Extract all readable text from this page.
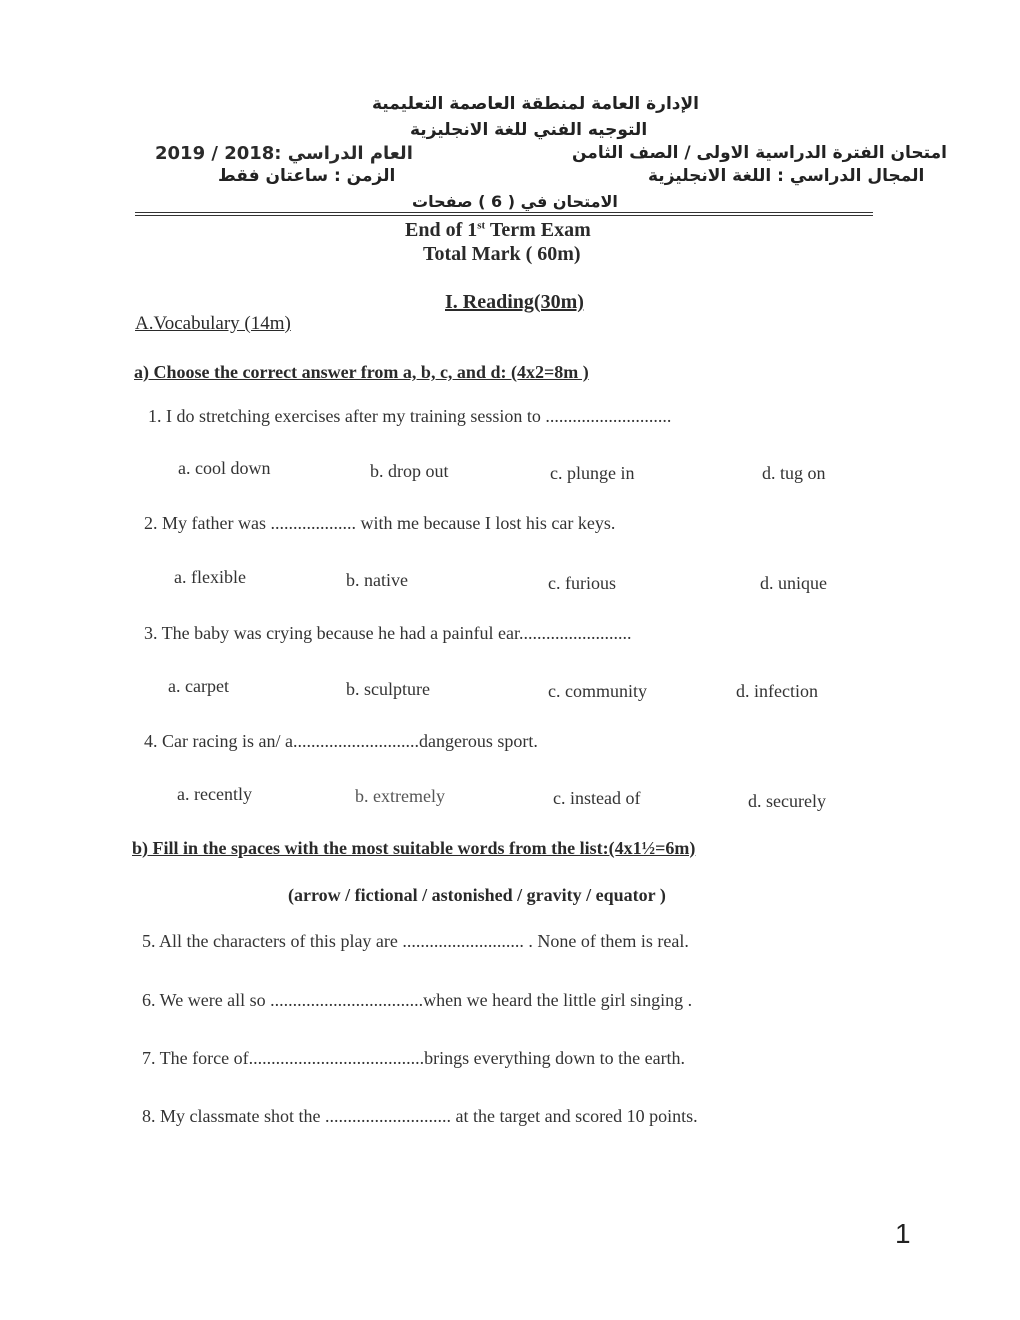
الإدارة العامة لمنطقة العاصمة التعليمية
التوجيه الفني للغة الانجليزية
2019 / 2018: العام الدراسي	امتحان الفترة الدراسية الاولى / الصف الثامن
الزمن : ساعتان فقط	المجال الدراسي : اللغة الانجليزية
الامتحان في ( 6 ) صفحات
End of 1st Term Exam
Total Mark ( 60m)
I. Reading(30m)
A.Vocabulary (14m)
a) Choose the correct answer from a, b, c, and d: (4x2=8m )
1. I do stretching exercises after my training session to ............................
a. cool down	b. drop out	c. plunge in	d. tug on
2. My father was ................... with me because I lost his car keys.
a. flexible	b. native	c. furious	d. unique
3. The baby was crying because he had a painful ear.........................
a. carpet	b. sculpture	c. community	d. infection
4. Car racing is an/ a............................dangerous sport.
a. recently	b. extremely	c. instead of	d. securely
b) Fill in the spaces with the most suitable words from the list:(4x1½=6m)
(arrow / fictional / astonished / gravity / equator )
5. All the characters of this play are ........................... . None of them is real.
6. We were all so ..................................when we heard the little girl singing .
7. The force of.......................................brings everything down to the earth.
8. My classmate shot the ............................ at the target and scored 10 points.
1
